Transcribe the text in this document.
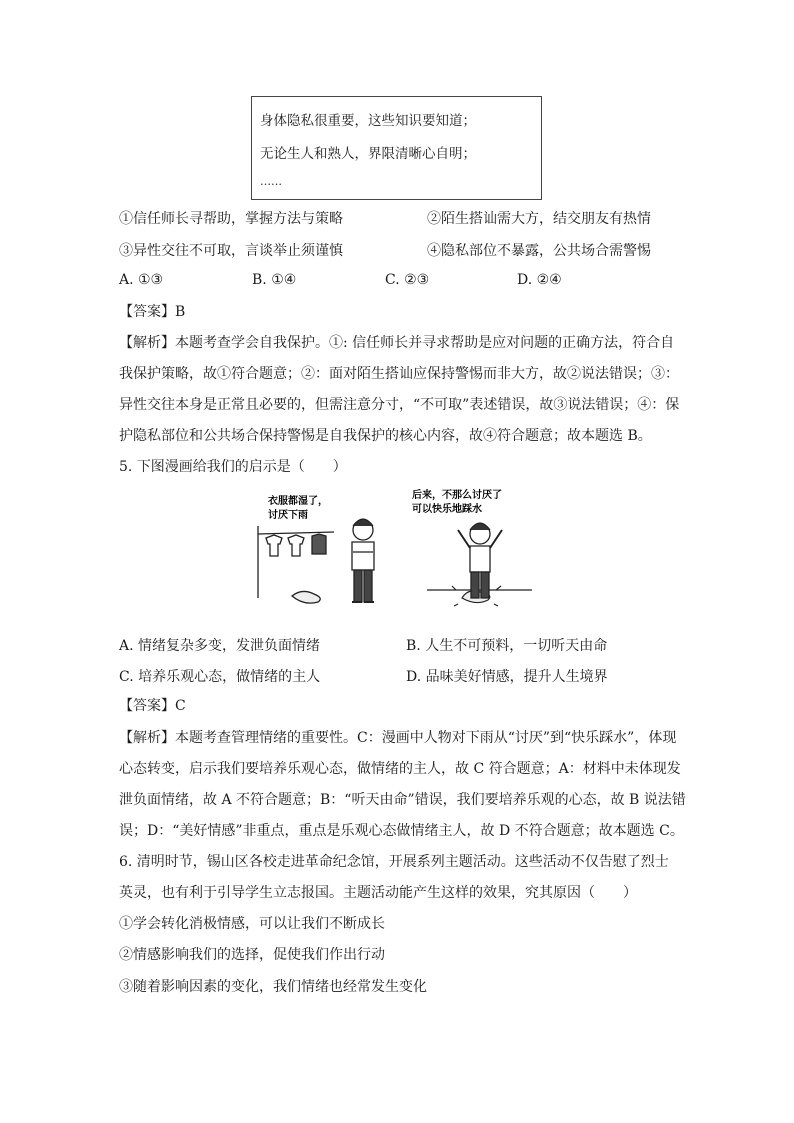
身体隐私很重要，这些知识要知道；
无论生人和熟人，界限清晰心自明；
……
①信任师长寻帮助，掌握方法与策略	②陌生搭讪需大方，结交朋友有热情
③异性交往不可取，言谈举止须谨慎	④隐私部位不暴露，公共场合需警惕
A. ①③	B. ①④	C. ②③	D. ②④
【答案】B
【解析】本题考查学会自我保护。①: 信任师长并寻求帮助是应对问题的正确方法，符合自
我保护策略，故①符合题意；②：面对陌生搭讪应保持警惕而非大方，故②说法错误；③：
异性交往本身是正常且必要的，但需注意分寸，“不可取”表述错误，故③说法错误；④：保
护隐私部位和公共场合保持警惕是自我保护的核心内容，故④符合题意；故本题选 B。
5. 下图漫画给我们的启示是（　　）
衣服都湿了，
讨厌下雨
后来，不那么讨厌了
可以快乐地踩水
A. 情绪复杂多变，发泄负面情绪	B. 人生不可预料，一切听天由命
C. 培养乐观心态，做情绪的主人	D. 品味美好情感，提升人生境界
【答案】C
【解析】本题考查管理情绪的重要性。C：漫画中人物对下雨从“讨厌”到“快乐踩水”，体现
心态转变，启示我们要培养乐观心态，做情绪的主人，故 C 符合题意；A：材料中未体现发
泄负面情绪，故 A 不符合题意；B：“听天由命”错误，我们要培养乐观的心态，故 B 说法错
误；D：“美好情感”非重点，重点是乐观心态做情绪主人，故 D 不符合题意；故本题选 C。
6. 清明时节，锡山区各校走进革命纪念馆，开展系列主题活动。这些活动不仅告慰了烈士
英灵，也有利于引导学生立志报国。主题活动能产生这样的效果，究其原因（　　）
①学会转化消极情感，可以让我们不断成长
②情感影响我们的选择，促使我们作出行动
③随着影响因素的变化，我们情绪也经常发生变化
